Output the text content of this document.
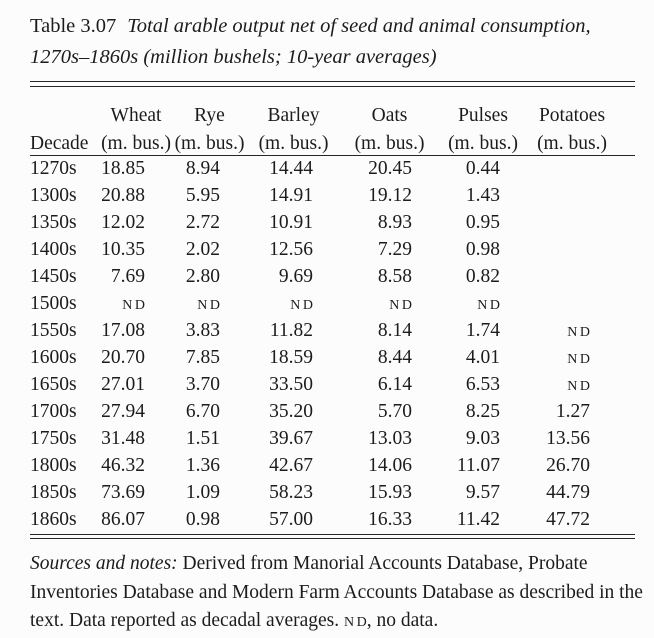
Table 3.07 Total arable output net of seed and animal consumption,
1270s–1860s (million bushels; 10-year averages)
	Wheat	Rye	Barley	Oats	Pulses	Potatoes	
Decade	(m. bus.)	(m. bus.)	(m. bus.)	(m. bus.)	(m. bus.)	(m. bus.)	
1270s	18.85	8.94	14.44	20.45	0.44		
1300s	20.88	5.95	14.91	19.12	1.43		
1350s	12.02	2.72	10.91	8.93	0.95		
1400s	10.35	2.02	12.56	7.29	0.98		
1450s	7.69	2.80	9.69	8.58	0.82		
1500s	ND	ND	ND	ND	ND		
1550s	17.08	3.83	11.82	8.14	1.74	ND	
1600s	20.70	7.85	18.59	8.44	4.01	ND	
1650s	27.01	3.70	33.50	6.14	6.53	ND	
1700s	27.94	6.70	35.20	5.70	8.25	1.27	
1750s	31.48	1.51	39.67	13.03	9.03	13.56	
1800s	46.32	1.36	42.67	14.06	11.07	26.70	
1850s	73.69	1.09	58.23	15.93	9.57	44.79	
1860s	86.07	0.98	57.00	16.33	11.42	47.72	

Sources and notes: Derived from Manorial Accounts Database, Probate Inventories Database and Modern Farm Accounts Database as described in the text. Data reported as decadal averages. ND, no data.
